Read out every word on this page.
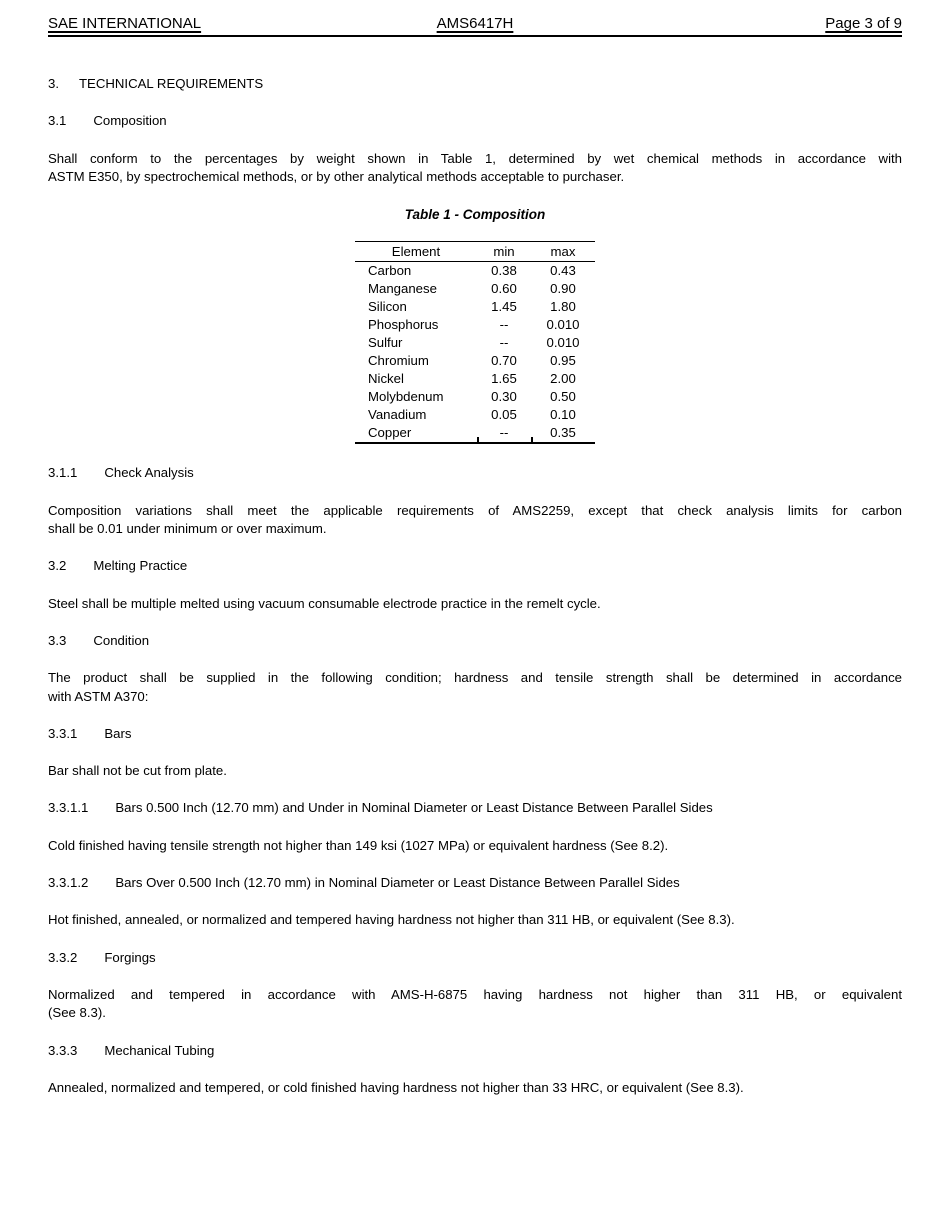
SAE INTERNATIONAL	AMS6417H	Page 3 of 9
3. TECHNICAL REQUIREMENTS
3.1 Composition
Shall conform to the percentages by weight shown in Table 1, determined by wet chemical methods in accordance with
ASTM E350, by spectrochemical methods, or by other analytical methods acceptable to purchaser.
Table 1 - Composition
Element	min	max
Carbon	0.38	0.43
Manganese	0.60	0.90
Silicon	1.45	1.80
Phosphorus	--	0.010
Sulfur	--	0.010
Chromium	0.70	0.95
Nickel	1.65	2.00
Molybdenum	0.30	0.50
Vanadium	0.05	0.10
Copper	--	0.35
3.1.1 Check Analysis
Composition variations shall meet the applicable requirements of AMS2259, except that check analysis limits for carbon
shall be 0.01 under minimum or over maximum.
3.2 Melting Practice
Steel shall be multiple melted using vacuum consumable electrode practice in the remelt cycle.
3.3 Condition
The product shall be supplied in the following condition; hardness and tensile strength shall be determined in accordance
with ASTM A370:
3.3.1 Bars
Bar shall not be cut from plate.
3.3.1.1 Bars 0.500 Inch (12.70 mm) and Under in Nominal Diameter or Least Distance Between Parallel Sides
Cold finished having tensile strength not higher than 149 ksi (1027 MPa) or equivalent hardness (See 8.2).
3.3.1.2 Bars Over 0.500 Inch (12.70 mm) in Nominal Diameter or Least Distance Between Parallel Sides
Hot finished, annealed, or normalized and tempered having hardness not higher than 311 HB, or equivalent (See 8.3).
3.3.2 Forgings
Normalized and tempered in accordance with AMS-H-6875 having hardness not higher than 311 HB, or equivalent
(See 8.3).
3.3.3 Mechanical Tubing
Annealed, normalized and tempered, or cold finished having hardness not higher than 33 HRC, or equivalent (See 8.3).
